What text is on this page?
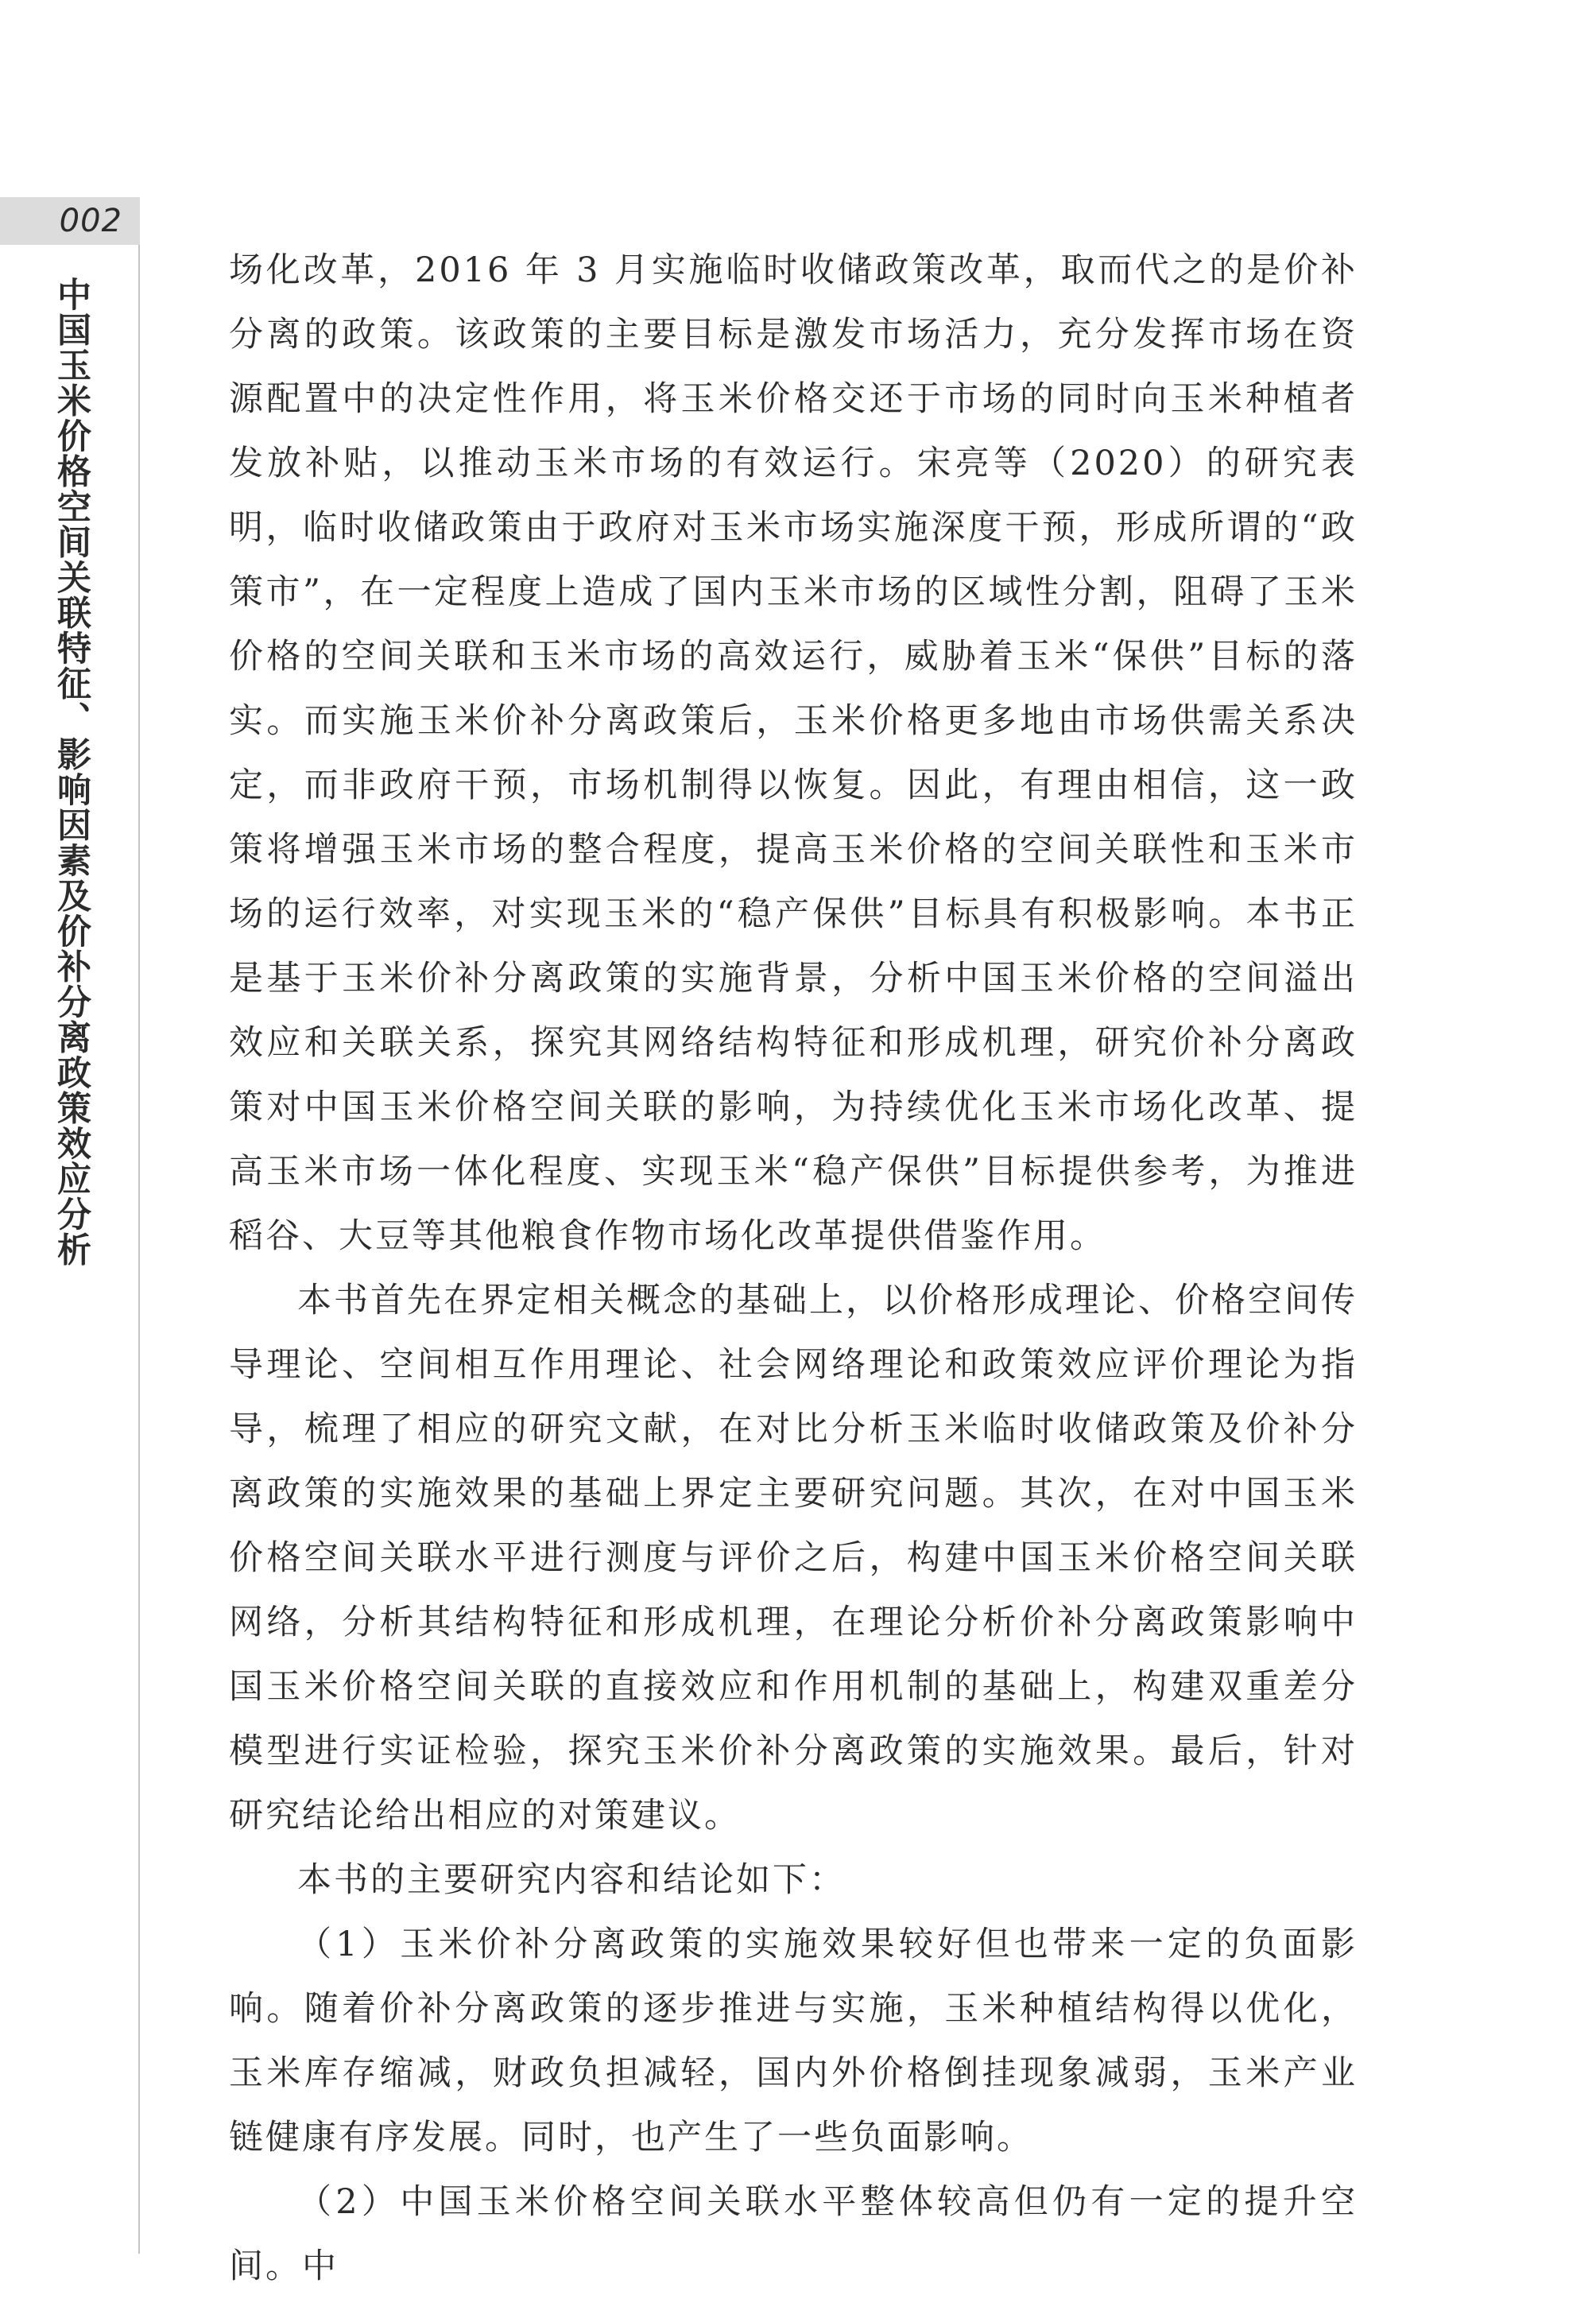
002
中国玉米价格空间关联特征、影响因素及价补分离政策效应分析

场化改革，2016 年 3 月实施临时收储政策改革，取而代之的是价补分离的政策。该政策的主要目标是激发市场活力，充分发挥市场在资源配置中的决定性作用，将玉米价格交还于市场的同时向玉米种植者发放补贴，以推动玉米市场的有效运行。宋亮等（2020）的研究表明，临时收储政策由于政府对玉米市场实施深度干预，形成所谓的“政策市”，在一定程度上造成了国内玉米市场的区域性分割，阻碍了玉米价格的空间关联和玉米市场的高效运行，威胁着玉米“保供”目标的落实。而实施玉米价补分离政策后，玉米价格更多地由市场供需关系决定，而非政府干预，市场机制得以恢复。因此，有理由相信，这一政策将增强玉米市场的整合程度，提高玉米价格的空间关联性和玉米市场的运行效率，对实现玉米的“稳产保供”目标具有积极影响。本书正是基于玉米价补分离政策的实施背景，分析中国玉米价格的空间溢出效应和关联关系，探究其网络结构特征和形成机理，研究价补分离政策对中国玉米价格空间关联的影响，为持续优化玉米市场化改革、提高玉米市场一体化程度、实现玉米“稳产保供”目标提供参考，为推进稻谷、大豆等其他粮食作物市场化改革提供借鉴作用。

本书首先在界定相关概念的基础上，以价格形成理论、价格空间传导理论、空间相互作用理论、社会网络理论和政策效应评价理论为指导，梳理了相应的研究文献，在对比分析玉米临时收储政策及价补分离政策的实施效果的基础上界定主要研究问题。其次，在对中国玉米价格空间关联水平进行测度与评价之后，构建中国玉米价格空间关联网络，分析其结构特征和形成机理，在理论分析价补分离政策影响中国玉米价格空间关联的直接效应和作用机制的基础上，构建双重差分模型进行实证检验，探究玉米价补分离政策的实施效果。最后，针对研究结论给出相应的对策建议。

本书的主要研究内容和结论如下：

（1）玉米价补分离政策的实施效果较好但也带来一定的负面影响。随着价补分离政策的逐步推进与实施，玉米种植结构得以优化，玉米库存缩减，财政负担减轻，国内外价格倒挂现象减弱，玉米产业链健康有序发展。同时，也产生了一些负面影响。

（2）中国玉米价格空间关联水平整体较高但仍有一定的提升空间。中
